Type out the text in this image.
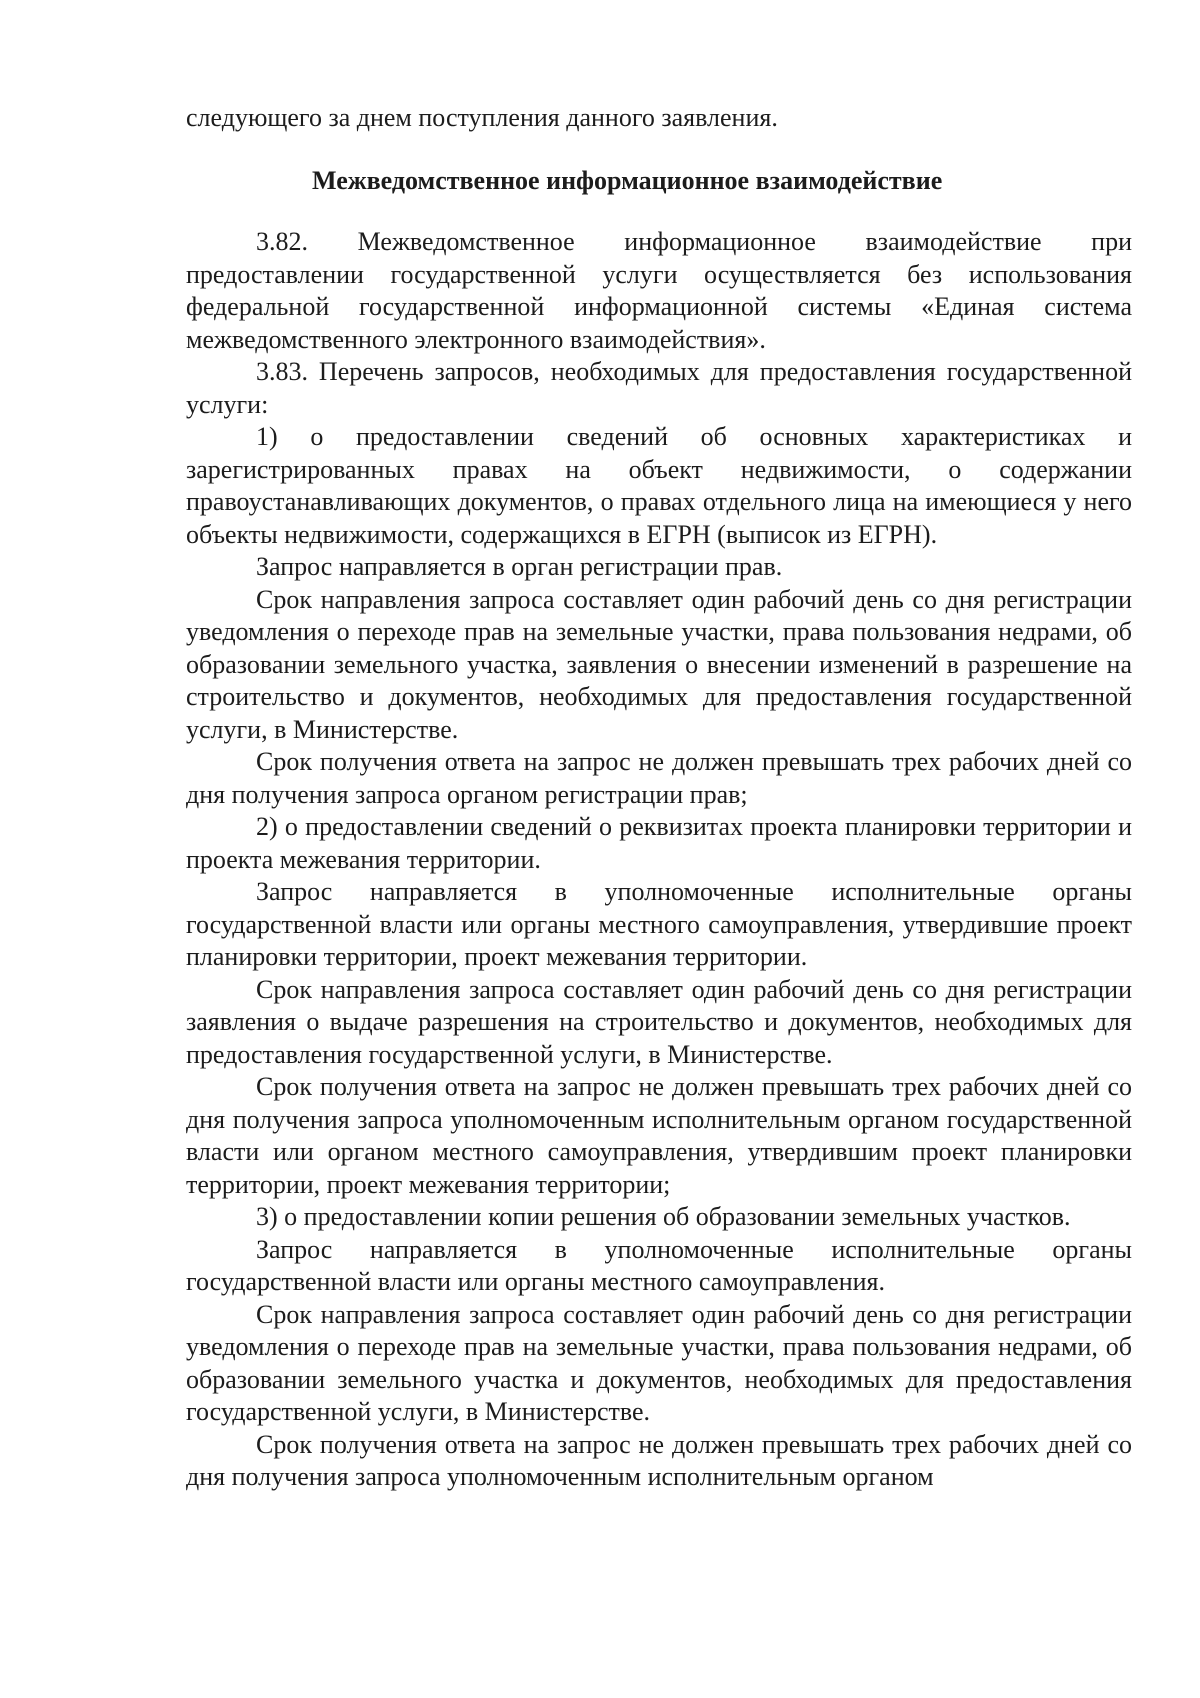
следующего за днем поступления данного заявления.

Межведомственное информационное взаимодействие

3.82. Межведомственное информационное взаимодействие при предоставлении государственной услуги осуществляется без использования федеральной государственной информационной системы «Единая система межведомственного электронного взаимодействия».

3.83. Перечень запросов, необходимых для предоставления государственной услуги:

1) о предоставлении сведений об основных характеристиках и зарегистрированных правах на объект недвижимости, о содержании правоустанавливающих документов, о правах отдельного лица на имеющиеся у него объекты недвижимости, содержащихся в ЕГРН (выписок из ЕГРН).

Запрос направляется в орган регистрации прав.

Срок направления запроса составляет один рабочий день со дня регистрации уведомления о переходе прав на земельные участки, права пользования недрами, об образовании земельного участка, заявления о внесении изменений в разрешение на строительство и документов, необходимых для предоставления государственной услуги, в Министерстве.

Срок получения ответа на запрос не должен превышать трех рабочих дней со дня получения запроса органом регистрации прав;

2) о предоставлении сведений о реквизитах проекта планировки территории и проекта межевания территории.

Запрос направляется в уполномоченные исполнительные органы государственной власти или органы местного самоуправления, утвердившие проект планировки территории, проект межевания территории.

Срок направления запроса составляет один рабочий день со дня регистрации заявления о выдаче разрешения на строительство и документов, необходимых для предоставления государственной услуги, в Министерстве.

Срок получения ответа на запрос не должен превышать трех рабочих дней со дня получения запроса уполномоченным исполнительным органом государственной власти или органом местного самоуправления, утвердившим проект планировки территории, проект межевания территории;

3) о предоставлении копии решения об образовании земельных участков.

Запрос направляется в уполномоченные исполнительные органы государственной власти или органы местного самоуправления.

Срок направления запроса составляет один рабочий день со дня регистрации уведомления о переходе прав на земельные участки, права пользования недрами, об образовании земельного участка и документов, необходимых для предоставления государственной услуги, в Министерстве.

Срок получения ответа на запрос не должен превышать трех рабочих дней со дня получения запроса уполномоченным исполнительным органом
